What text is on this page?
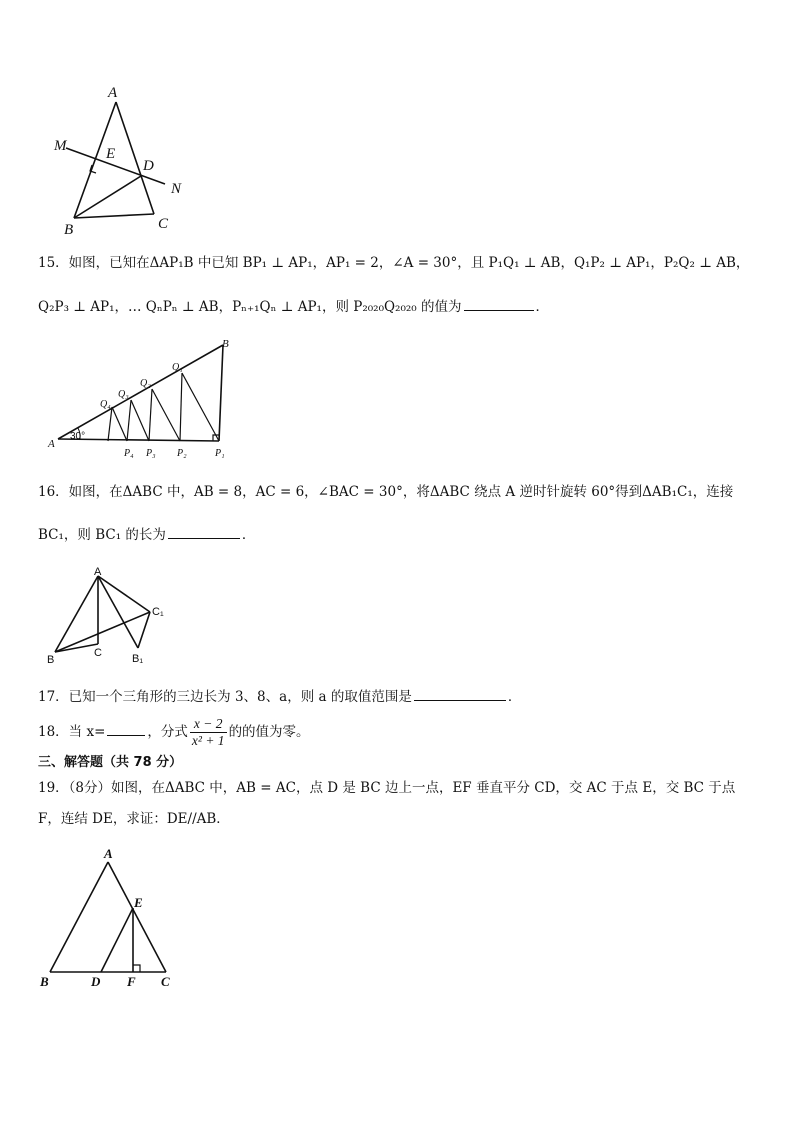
A
M	E
D
N
B	C
15．如图，已知在ΔAP₁B 中已知 BP₁ ⊥ AP₁，AP₁ = 2，∠A = 30°，且 P₁Q₁ ⊥ AB，Q₁P₂ ⊥ AP₁，P₂Q₂ ⊥ AB，
Q₂P₃ ⊥ AP₁，… QₙPₙ ⊥ AB，Pₙ₊₁Qₙ ⊥ AP₁，则 P₂₀₂₀Q₂₀₂₀ 的值为	．
30°
A
B
Q₄
Q₃
Q₂
Q₁
P₄ P₃ P₂	P₁
16．如图，在ΔABC 中，AB = 8，AC = 6，∠BAC = 30°，将ΔABC 绕点 A 逆时针旋转 60°得到ΔAB₁C₁，连接
BC₁，则 BC₁ 的长为	．
A
C₁
B
C	B₁
17．已知一个三角形的三边长为 3、8、a，则 a 的取值范围是	．
18．当 x=	，分式 $\frac{x - 2}{\text{x² + 1}}$ 的的值为零。
三、解答题（共 78 分）
19．（8分）如图，在ΔABC 中，AB = AC，点 D 是 BC 边上一点，EF 垂直平分 CD，交 AC 于点 E，交 BC 于点
F，连结 DE，求证：DE//AB．
A
E
B	D F C
